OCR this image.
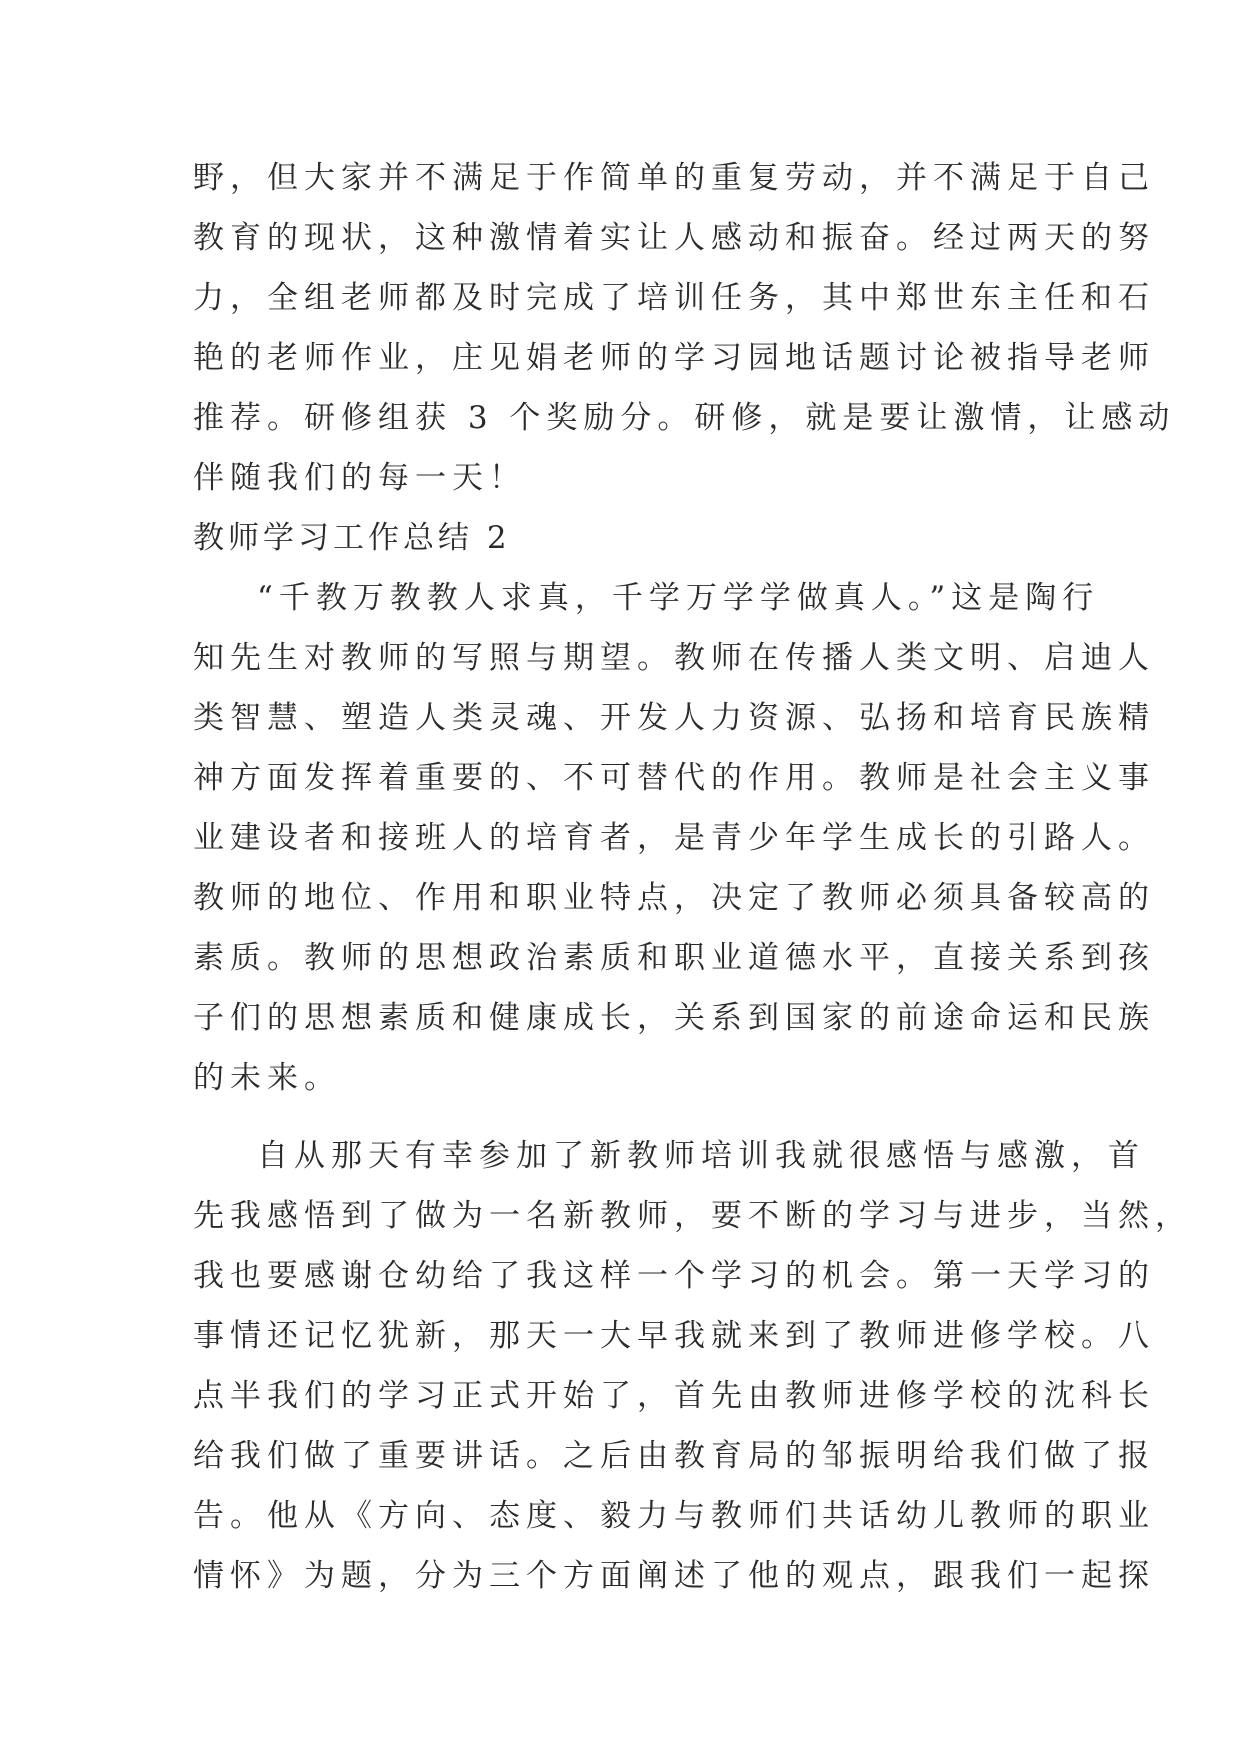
野，但大家并不满足于作简单的重复劳动，并不满足于自己
教育的现状，这种激情着实让人感动和振奋。经过两天的努
力，全组老师都及时完成了培训任务，其中郑世东主任和石
艳的老师作业，庄见娟老师的学习园地话题讨论被指导老师
推荐。研修组获 3 个奖励分。研修，就是要让激情，让感动
伴随我们的每一天！
教师学习工作总结 2
“千教万教教人求真，千学万学学做真人。”这是陶行
知先生对教师的写照与期望。教师在传播人类文明、启迪人
类智慧、塑造人类灵魂、开发人力资源、弘扬和培育民族精
神方面发挥着重要的、不可替代的作用。教师是社会主义事
业建设者和接班人的培育者，是青少年学生成长的引路人。
教师的地位、作用和职业特点，决定了教师必须具备较高的
素质。教师的思想政治素质和职业道德水平，直接关系到孩
子们的思想素质和健康成长，关系到国家的前途命运和民族
的未来。
自从那天有幸参加了新教师培训我就很感悟与感激，首
先我感悟到了做为一名新教师，要不断的学习与进步，当然，
我也要感谢仓幼给了我这样一个学习的机会。第一天学习的
事情还记忆犹新，那天一大早我就来到了教师进修学校。八
点半我们的学习正式开始了，首先由教师进修学校的沈科长
给我们做了重要讲话。之后由教育局的邹振明给我们做了报
告。他从《方向、态度、毅力与教师们共话幼儿教师的职业
情怀》为题，分为三个方面阐述了他的观点，跟我们一起探
